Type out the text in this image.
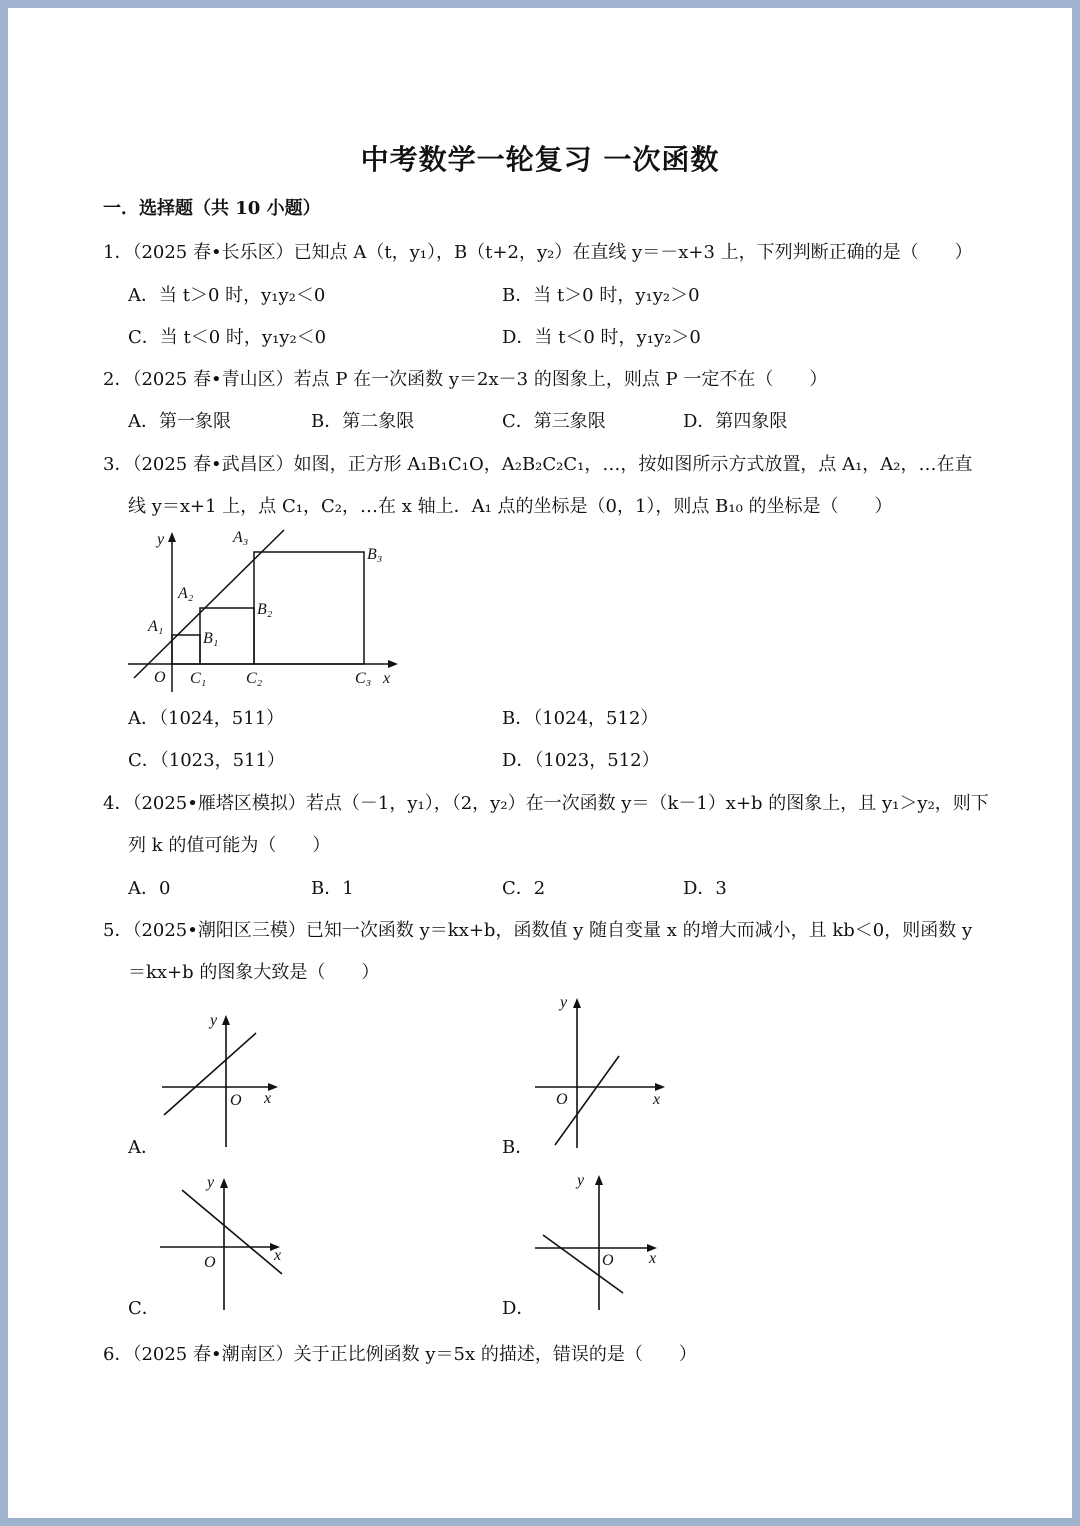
中考数学一轮复习 一次函数
一．选择题（共 10 小题）
1．（2025 春•长乐区）已知点 A（t，y₁），B（t+2，y₂）在直线 y＝－x+3 上，下列判断正确的是（　　）
A．当 t＞0 时，y₁y₂＜0	B．当 t＞0 时，y₁y₂＞0
C．当 t＜0 时，y₁y₂＜0	D．当 t＜0 时，y₁y₂＞0
2．（2025 春•青山区）若点 P 在一次函数 y＝2x－3 的图象上，则点 P 一定不在（　　）
A．第一象限	B．第二象限	C．第三象限	D．第四象限
3．（2025 春•武昌区）如图，正方形 A₁B₁C₁O，A₂B₂C₂C₁，…，按如图所示方式放置，点 A₁，A₂，…在直
线 y＝x+1 上，点 C₁，C₂，…在 x 轴上．A₁ 点的坐标是（0，1），则点 B₁₀ 的坐标是（　　）
y
x
O
A₁
A₂
A₃
B₁
B₂
B₃
C₁ C₂	C₃
A．（1024，511）	B．（1024，512）
C．（1023，511）	D．（1023，512）
4．（2025•雁塔区模拟）若点（－1，y₁），（2，y₂）在一次函数 y＝（k－1）x+b 的图象上，且 y₁＞y₂，则下
列 k 的值可能为（　　）
A．0	B．1	C．2	D．3
5．（2025•潮阳区三模）已知一次函数 y＝kx+b，函数值 y 随自变量 x 的增大而减小，且 kb＜0，则函数 y
＝kx+b 的图象大致是（　　）
y
x
O
A．
y
x
O
B．
y
x
O
C．
y
x
O
D．
6．（2025 春•潮南区）关于正比例函数 y＝5x 的描述，错误的是（　　）
